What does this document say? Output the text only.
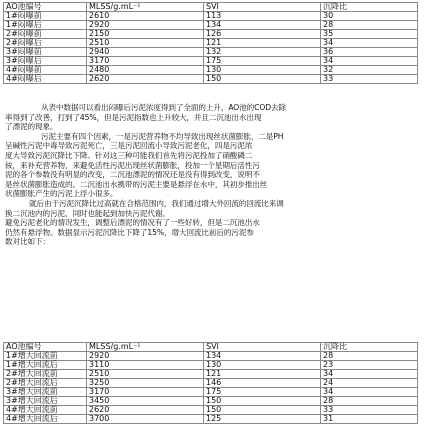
AO池编号	MLSS/g.mL⁻¹	SVI	沉降比
1#闷曝前	2610	113	30
1#闷曝后	2920	134	28
2#闷曝前	2150	126	35
2#闷曝后	2510	121	34
3#闷曝前	2940	132	36
3#闷曝后	3170	175	34
4#闷曝前	2480	130	32
4#闷曝后	2620	150	33
从表中数据可以看出闷曝后污泥浓度得到了全面的上升，AO池的COD去除
率得到了改善，打到了45%，但是污泥指数也上升较大，并且二沉池出水出现
了漂泥的现象。
污泥主要有四个因素，一是污泥营养物不均导致出现丝状菌膨胀，二是PH
呈碱性污泥中毒导致污泥死亡，三是污泥回流小导致污泥老化，四是污泥浓
度大导致污泥沉降比下降。针对这三种可能我们首先将污泥投加了硝酸磷二
铵，来补充营养物，来避免活性污泥出现丝状菌膨胀，投加一个星期后活性污
泥的各个参数没有明显的改变，二沉池漂泥的情况还是没有得到改变，说明不
是丝状菌膨胀造成的。二沉池出水携带的污泥主要是悬浮在水中，其初步推出丝
状菌膨胀产生的污泥上浮小很多。
就后由于污泥沉降比过高就在合格范围内，我们通过增大外回流的回流比来调
换二沉池内的污泥，同时也能起到加快污泥代谢。
避免污泥老化的情况发生，调整后漂泥的情况有了一些好转，但是二沉池出水
仍然有悬浮物。数据显示污泥沉降比下降了15%，增大回流比前后的污泥参
数对比如下：
AO池编号	MLSS/g.mL⁻¹	SVI	沉降比
1#增大回流前	2920	134	28
1#增大回流后	3110	130	23
2#增大回流前	2510	121	34
2#增大回流后	3250	146	24
3#增大回流前	3170	175	34
3#增大回流后	3450	150	28
4#增大回流前	2620	150	33
4#增大回流后	3700	125	31
